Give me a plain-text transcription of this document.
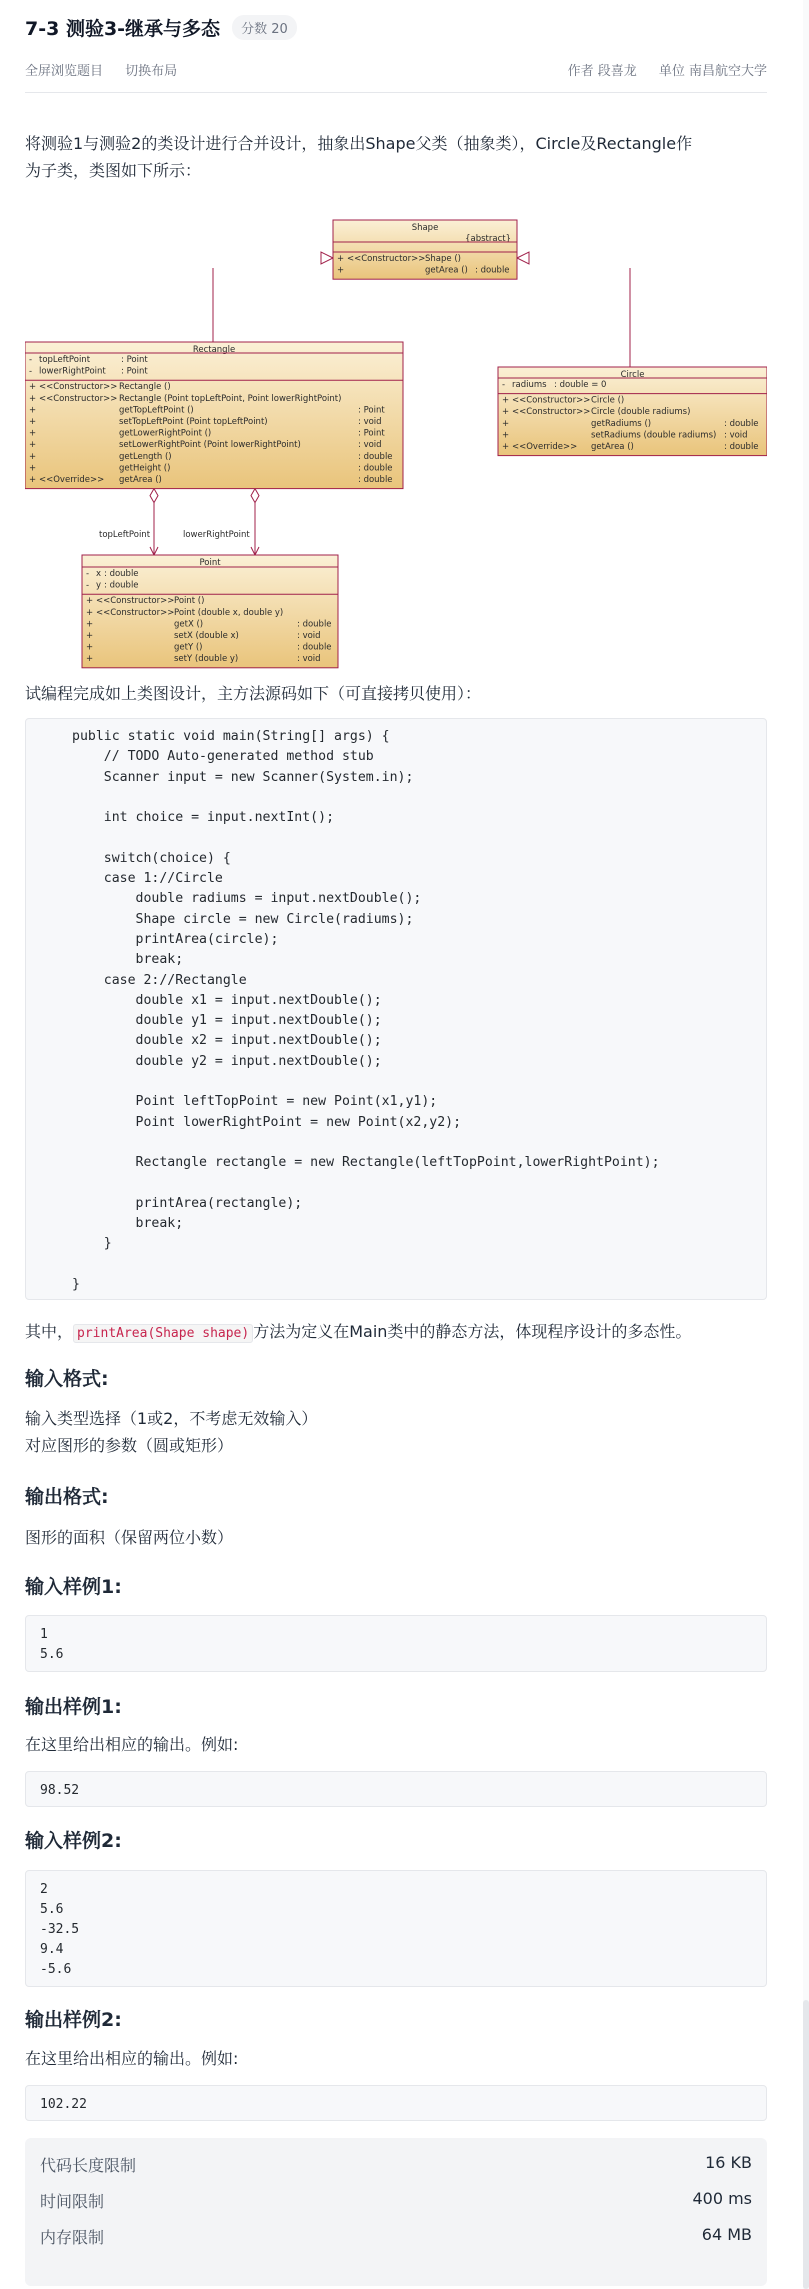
7-3 测验3-继承与多态	分数 20
全屏浏览题目 切换布局	作者 段喜龙 单位 南昌航空大学
将测验1与测验2的类设计进行合并设计，抽象出Shape父类（抽象类），Circle及Rectangle作
为子类，类图如下所示：
topLeftPoint	lowerRightPoint
Shape
{abstract}
+ <<Constructor>> Shape ()
+	getArea () : double
Rectangle
- topLeftPoint	: Point
- lowerRightPoint : Point
+ <<Constructor>> Rectangle ()
+ <<Constructor>> Rectangle (Point topLeftPoint, Point lowerRightPoint)
+	getTopLeftPoint ()	: Point
+	setTopLeftPoint (Point topLeftPoint)	: void
+	getLowerRightPoint ()	: Point
+	setLowerRightPoint (Point lowerRightPoint)	: void
+	getLength ()	: double
+	getHeight ()	: double
+ <<Override>> getArea ()	: double
Circle
- radiums : double = 0
+ <<Constructor>> Circle ()
+ <<Constructor>> Circle (double radiums)
+	getRadiums ()	: double
+	setRadiums (double radiums) : void
+ <<Override>> getArea ()	: double
Point
- x : double
- y : double
+ <<Constructor>> Point ()
+ <<Constructor>> Point (double x, double y)
+	getX ()	: double
+	setX (double x)	: void
+	getY ()	: double
+	setY (double y)	: void
试编程完成如上类图设计，主方法源码如下（可直接拷贝使用）：
public static void main(String[] args) {
// TODO Auto-generated method stub
Scanner input = new Scanner(System.in);
int choice = input.nextInt();
switch(choice) {
case 1://Circle
double radiums = input.nextDouble();
Shape circle = new Circle(radiums);
printArea(circle);
break;
case 2://Rectangle
double x1 = input.nextDouble();
double y1 = input.nextDouble();
double x2 = input.nextDouble();
double y2 = input.nextDouble();
Point leftTopPoint = new Point(x1,y1);
Point lowerRightPoint = new Point(x2,y2);
Rectangle rectangle = new Rectangle(leftTopPoint,lowerRightPoint);
printArea(rectangle);
break;
}
}
其中， printArea(Shape shape) 方法为定义在Main类中的静态方法，体现程序设计的多态性。
输入格式:
输入类型选择（1或2，不考虑无效输入）
对应图形的参数（圆或矩形）
输出格式:
图形的面积（保留两位小数）
输入样例1:
1
5.6
输出样例1:
在这里给出相应的输出。例如:
98.52
输入样例2:
2
5.6
-32.5
9.4
-5.6
输出样例2:
在这里给出相应的输出。例如:
102.22
代码长度限制	16 KB
时间限制	400 ms
内存限制	64 MB
